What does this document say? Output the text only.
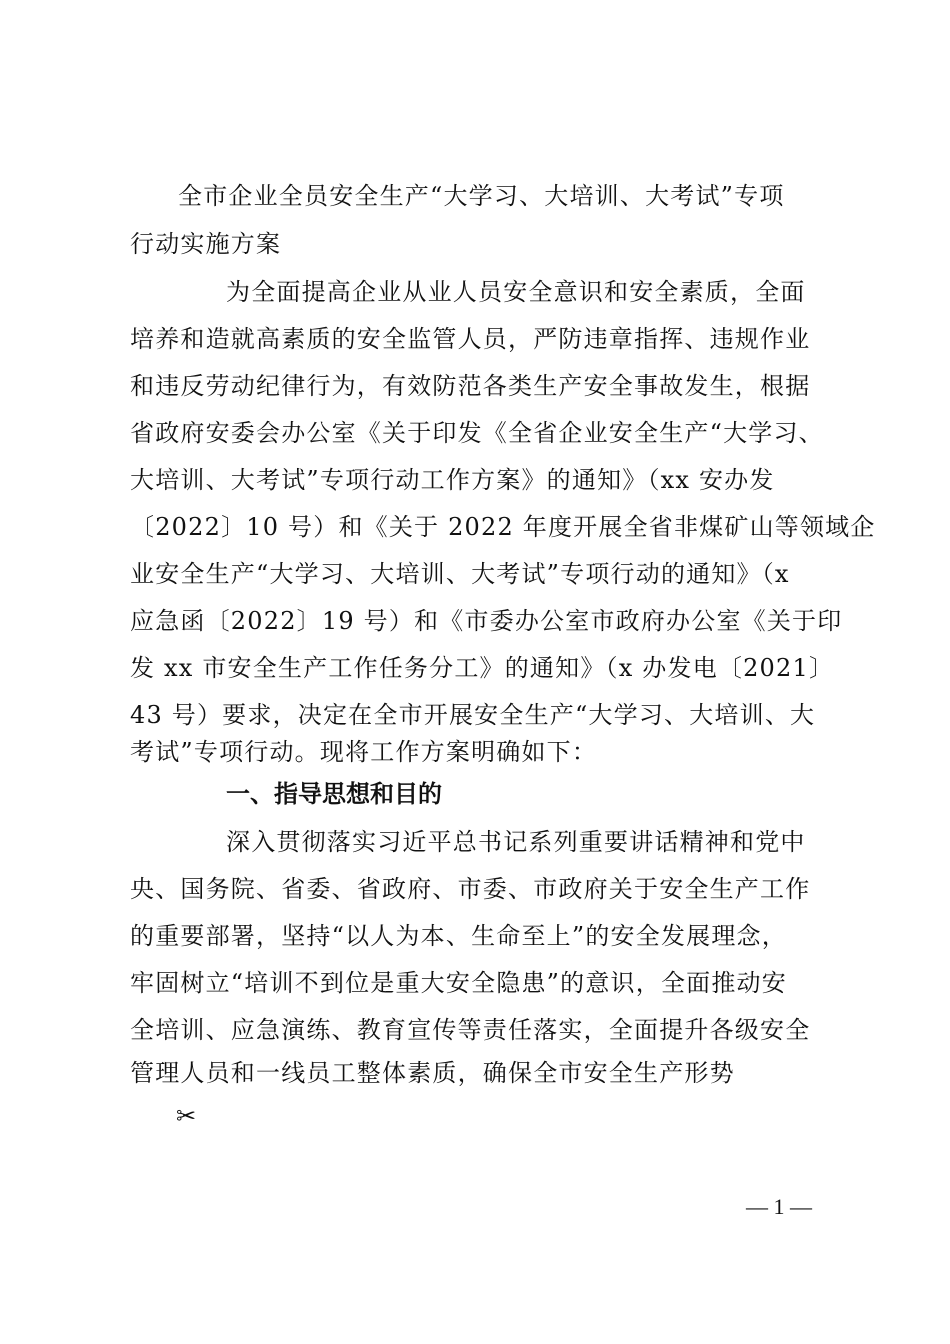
全市企业全员安全生产“大学习、大培训、大考试”专项
行动实施方案
为全面提高企业从业人员安全意识和安全素质，全面
培养和造就高素质的安全监管人员，严防违章指挥、违规作业
和违反劳动纪律行为，有效防范各类生产安全事故发生，根据
省政府安委会办公室《关于印发《全省企业安全生产“大学习、
大培训、大考试”专项行动工作方案》的通知》（xx 安办发
〔2022〕10 号）和《关于 2022 年度开展全省非煤矿山等领域企
业安全生产“大学习、大培训、大考试”专项行动的通知》（x
应急函〔2022〕19 号）和《市委办公室市政府办公室《关于印
发 xx 市安全生产工作任务分工》的通知》（x 办发电〔2021〕
43 号）要求，决定在全市开展安全生产“大学习、大培训、大
考试”专项行动。现将工作方案明确如下：
一、指导思想和目的
深入贯彻落实习近平总书记系列重要讲话精神和党中
央、国务院、省委、省政府、市委、市政府关于安全生产工作
的重要部署，坚持“以人为本、生命至上”的安全发展理念，
牢固树立“培训不到位是重大安全隐患”的意识，全面推动安
全培训、应急演练、教育宣传等责任落实，全面提升各级安全
管理人员和一线员工整体素质，确保全市安全生产形势
✂
— 1 —
